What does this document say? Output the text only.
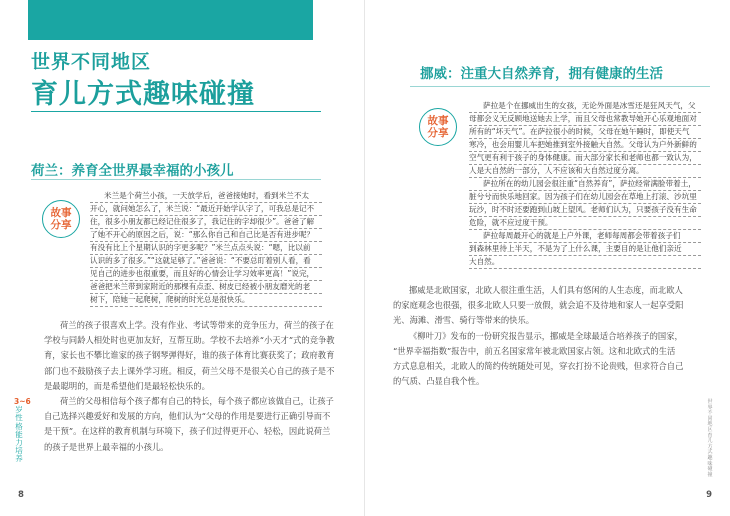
世界不同地区
育儿方式趣味碰撞
荷兰：养育全世界最幸福的小孩儿
故事
分享
米兰是个荷兰小孩，一天放学后，爸爸接她时，看到米兰不太
开心，就问她怎么了，米兰说：“最近开始学认字了，可我总是记不
住，很多小朋友都已经记住很多了，我记住的字却很少”。爸爸了解
了她不开心的原因之后，说：“那么你自己和自己比是否有进步呢？
有没有比上个星期认识的字更多呢？”米兰点点头说：“嗯，比以前
认识的多了很多。”“这就足够了。”爸爸说：“不要总盯着别人看，看
见自己的进步也很重要，而且好的心情会让学习效率更高！”说完，
爸爸把米兰带到家附近的那棵有点歪、树皮已经被小朋友磨光的老
树下，陪她一起爬树，爬树的时光总是很快乐。

荷兰的孩子很喜欢上学。没有作业、考试等带来的竞争压力，荷兰的孩子在

学校与同龄人相处时也更加友好，互帮互助。学校不去培养“小天才”式的竞争教

育，家长也不攀比谁家的孩子钢琴弹得好，谁的孩子体育比赛获奖了；政府教育

部门也不鼓励孩子去上课外学习班。相反，荷兰父母不是很关心自己的孩子是不

是最聪明的，而是希望他们是最轻松快乐的。

荷兰的父母相信每个孩子都有自己的特长，每个孩子都应该做自己，让孩子

自己选择兴趣爱好和发展的方向，他们认为“父母的作用是要进行正确引导而不

是干预”。在这样的教育机制与环境下，孩子们过得更开心、轻松，因此说荷兰

的孩子是世界上最幸福的小孩儿。

3~6
岁
性格能力培养
8
挪威：注重大自然养育，拥有健康的生活
故事
分享
萨拉是个在挪威出生的女孩，无论外面是冰雪还是狂风天气，父
母都会义无反顾地送她去上学，而且父母也常教导她开心乐观地面对
所有的“坏天气”。在萨拉很小的时候，父母在她午睡时，即使天气
寒冷，也会用婴儿车把她推到室外接触大自然。父母认为户外新鲜的
空气更有利于孩子的身体健康。而大部分家长和老师也都一致认为，
人是大自然的一部分，人不应该和大自然过度分离。
萨拉所在的幼儿园会很注重“自然养育”，萨拉经常满脸带着土，
脏兮兮而快乐地回家。因为孩子们在幼儿园会在草地上打滚、沙坑里
玩沙，时不时还要跑到山坡上望风。老师们认为，只要孩子没有生命
危险，就不应过度干预。
萨拉每周最开心的就是上户外课，老师每周都会带着孩子们
到森林里待上半天，不是为了上什么课，主要目的是让他们亲近
大自然。

挪威是北欧国家，北欧人很注重生活，人们具有悠闲的人生态度，而北欧人

的家庭观念也很强，很多北欧人只要一放假，就会追不及待地和家人一起享受阳

光、海滩、滑雪、骑行等带来的快乐。

《柳叶刀》发布的一份研究报告显示，挪威是全球最适合培养孩子的国家，

“世界幸福指数”报告中，前五名国家常年被北欧国家占领。这和北欧式的生活

方式息息相关，北欧人的简约传统随处可见，穿衣打扮不论贵贱，但求符合自己

的气质、凸显自我个性。

世界不同地区育儿方式趣味碰撞
9
